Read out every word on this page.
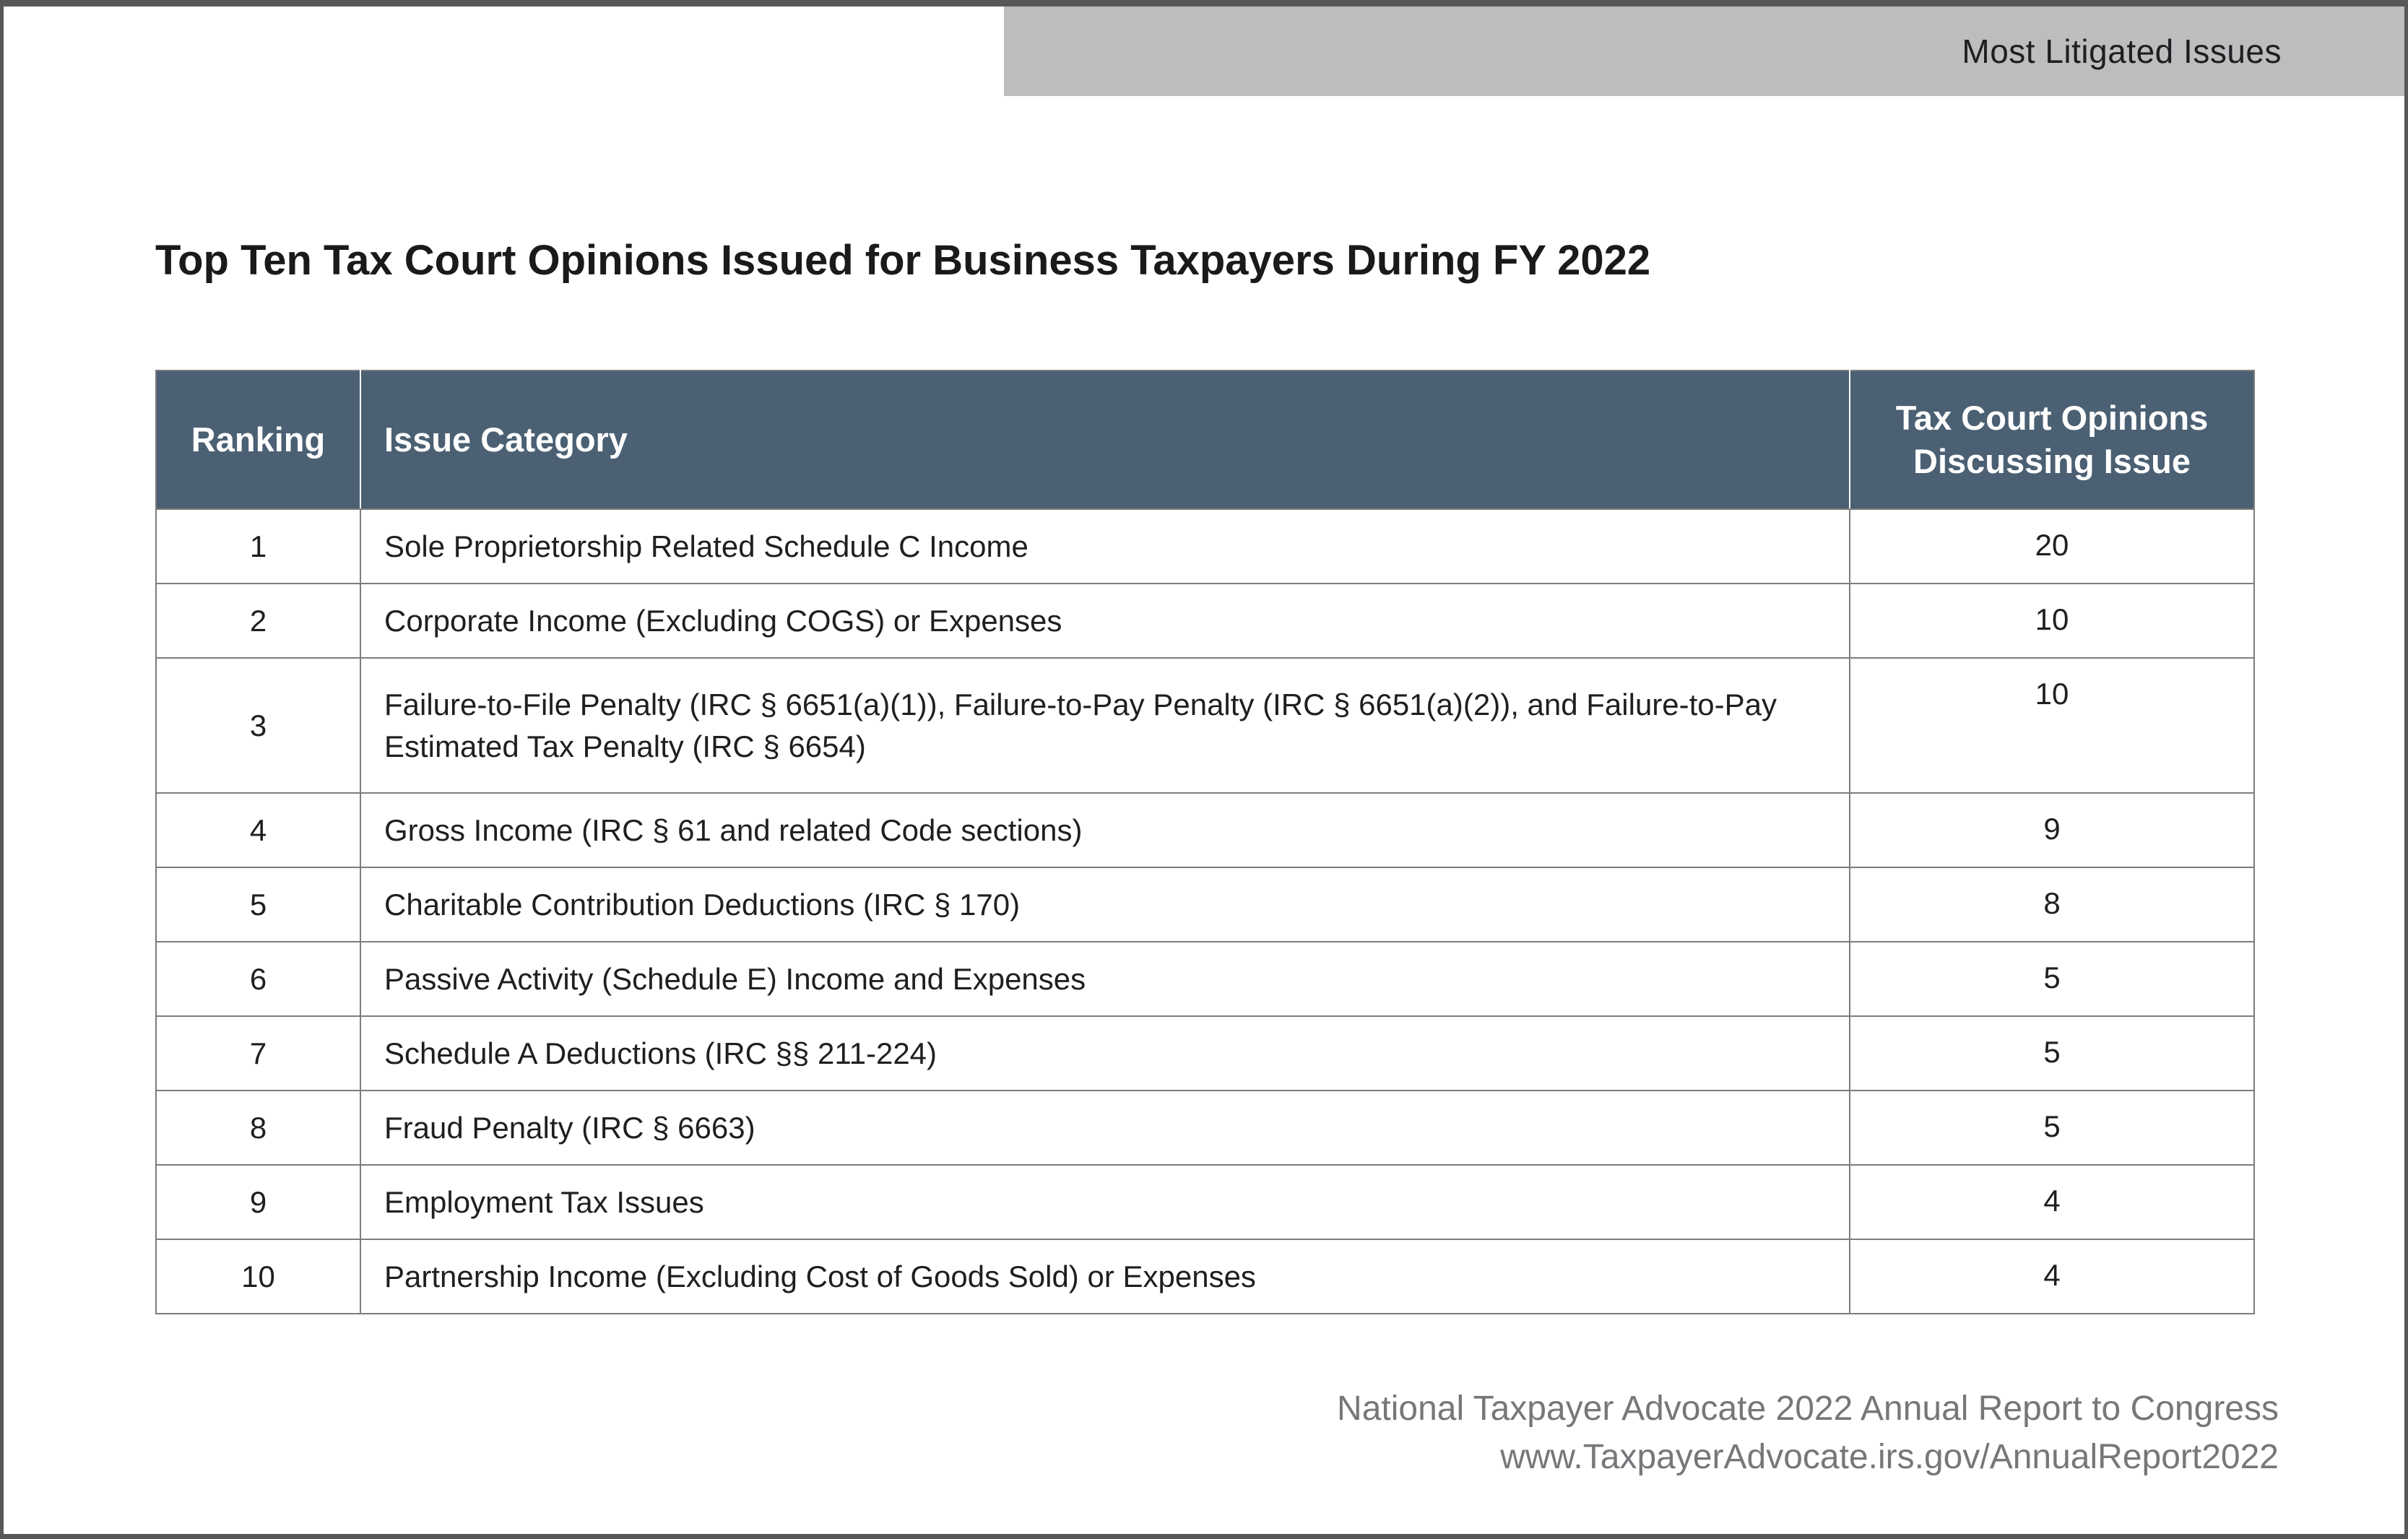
Most Litigated Issues
Top Ten Tax Court Opinions Issued for Business Taxpayers During FY 2022
Ranking	Issue Category	Tax Court Opinions Discussing Issue
1	Sole Proprietorship Related Schedule C Income	20
2	Corporate Income (Excluding COGS) or Expenses	10
3	Failure-to-File Penalty (IRC § 6651(a)(1)), Failure-to-Pay Penalty (IRC § 6651(a)(2)), and Failure-to-Pay Estimated Tax Penalty (IRC § 6654)	10
4	Gross Income (IRC § 61 and related Code sections)	9
5	Charitable Contribution Deductions (IRC § 170)	8
6	Passive Activity (Schedule E) Income and Expenses	5
7	Schedule A Deductions (IRC §§ 211-224)	5
8	Fraud Penalty (IRC § 6663)	5
9	Employment Tax Issues	4
10	Partnership Income (Excluding Cost of Goods Sold) or Expenses	4
National Taxpayer Advocate 2022 Annual Report to Congress
www.TaxpayerAdvocate.irs.gov/AnnualReport2022
